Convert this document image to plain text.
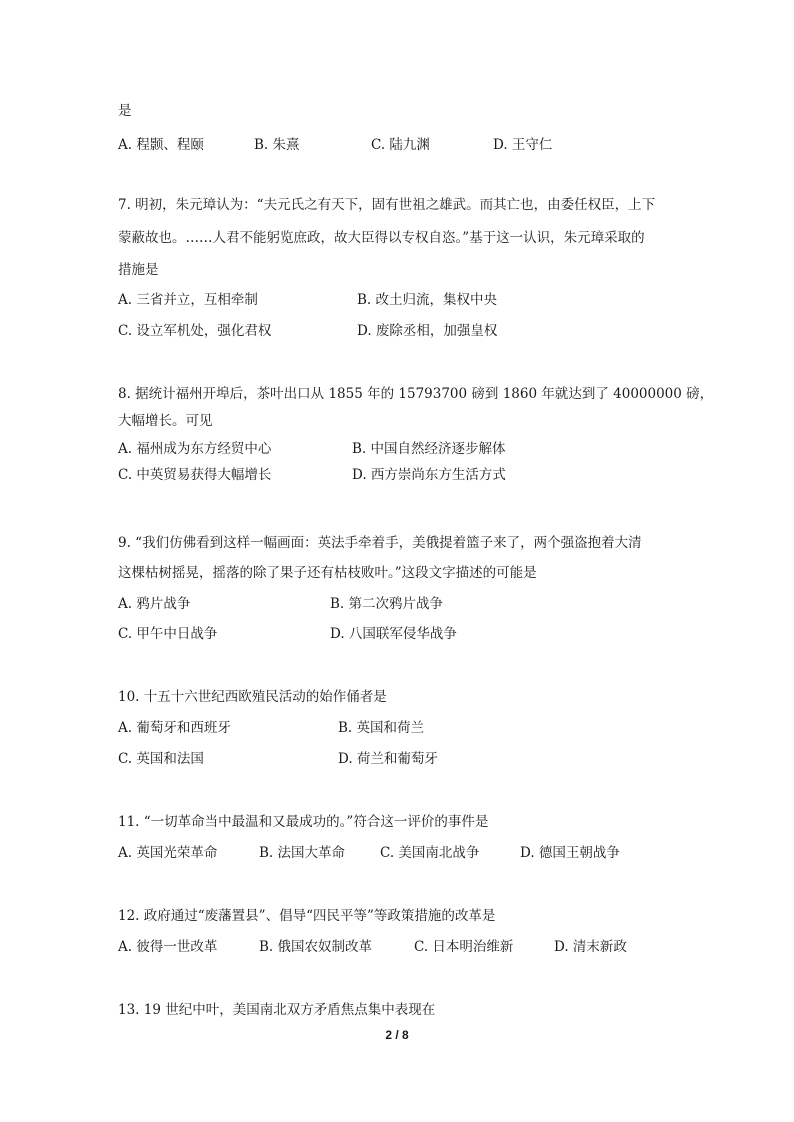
是
A. 程颢、程颐	B. 朱熹	C. 陆九渊	D. 王守仁
7. 明初，朱元璋认为：“夫元氏之有天下，固有世祖之雄武。而其亡也，由委任权臣，上下
蒙蔽故也。……人君不能躬览庶政，故大臣得以专权自恣。”基于这一认识，朱元璋采取的
措施是
A. 三省并立，互相牵制	B. 改土归流，集权中央
C. 设立军机处，强化君权	D. 废除丞相，加强皇权
8. 据统计福州开埠后，茶叶出口从 1855 年的 15793700 磅到 1860 年就达到了 40000000 磅，
大幅增长。可见
A. 福州成为东方经贸中心	B. 中国自然经济逐步解体
C. 中英贸易获得大幅增长	D. 西方崇尚东方生活方式
9. “我们仿佛看到这样一幅画面：英法手牵着手，美俄提着篮子来了，两个强盗抱着大清
这棵枯树摇晃，摇落的除了果子还有枯枝败叶。”这段文字描述的可能是
A. 鸦片战争	B. 第二次鸦片战争
C. 甲午中日战争	D. 八国联军侵华战争
10. 十五十六世纪西欧殖民活动的始作俑者是
A. 葡萄牙和西班牙	B. 英国和荷兰
C. 英国和法国	D. 荷兰和葡萄牙
11. “一切革命当中最温和又最成功的。”符合这一评价的事件是
A. 英国光荣革命	B. 法国大革命	C. 美国南北战争	D. 德国王朝战争
12. 政府通过“废藩置县”、倡导“四民平等”等政策措施的改革是
A. 彼得一世改革	B. 俄国农奴制改革	C. 日本明治维新	D. 清末新政
13. 19 世纪中叶，美国南北双方矛盾焦点集中表现在
2 / 8
